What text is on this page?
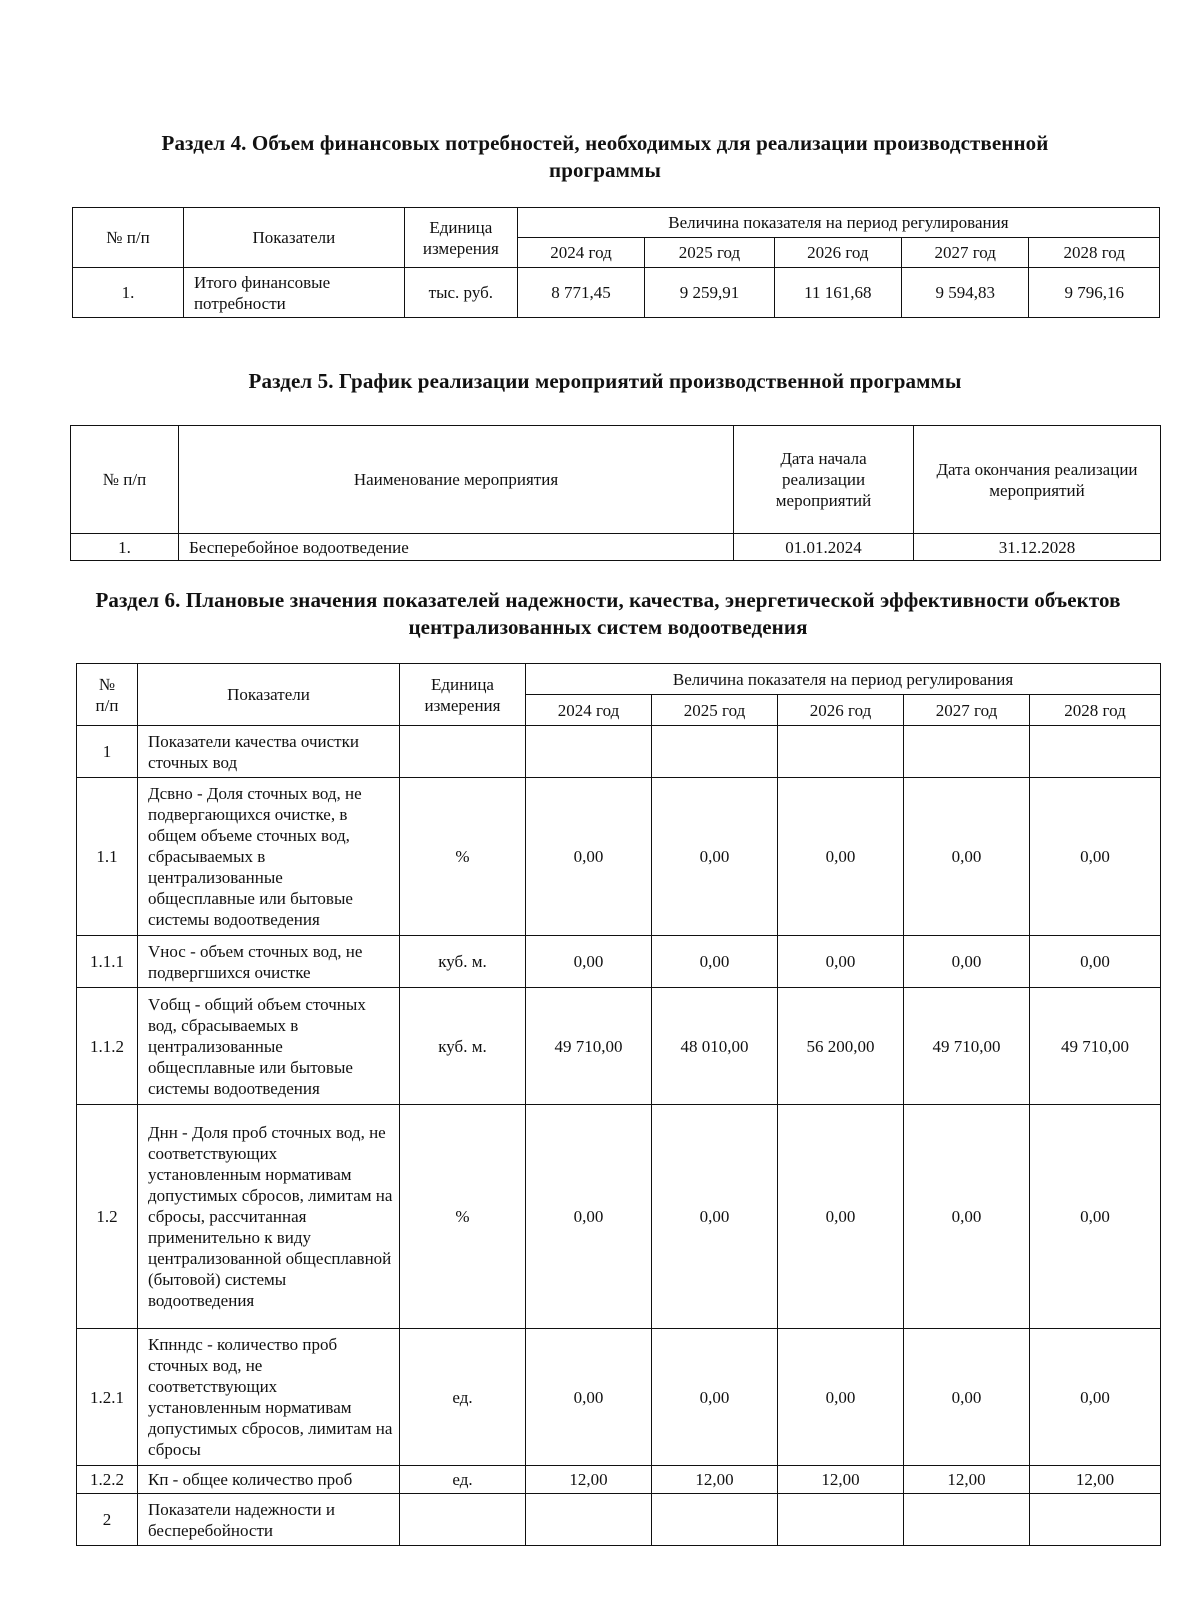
Раздел 4. Объем финансовых потребностей, необходимых для реализации производственной программы
№ п/п	Показатели	Единица измерения	Величина показателя на период регулирования				
			2024 год	2025 год	2026 год	2027 год	2028 год
1.	Итого финансовые потребности	тыс. руб.	8 771,45	9 259,91	11 161,68	9 594,83	9 796,16
Раздел 5. График реализации мероприятий производственной программы
№ п/п	Наименование мероприятия	Дата начала реализации мероприятий	Дата окончания реализации мероприятий
1.	Бесперебойное водоотведение	01.01.2024	31.12.2028
Раздел 6. Плановые значения показателей надежности, качества, энергетической эффективности объектов централизованных систем водоотведения
№ п/п	Показатели	Единица измерения	Величина показателя на период регулирования				
			2024 год	2025 год	2026 год	2027 год	2028 год
1	Показатели качества очистки сточных вод						
1.1	Дсвно - Доля сточных вод, не подвергающихся очистке, в общем объеме сточных вод, сбрасываемых в централизованные общесплавные или бытовые системы водоотведения	%	0,00	0,00	0,00	0,00	0,00
1.1.1	Vнос - объем сточных вод, не подвергшихся очистке	куб. м.	0,00	0,00	0,00	0,00	0,00
1.1.2	Vобщ - общий объем сточных вод, сбрасываемых в централизованные общесплавные или бытовые системы водоотведения	куб. м.	49 710,00	48 010,00	56 200,00	49 710,00	49 710,00
1.2	Днн - Доля проб сточных вод, не соответствующих установленным нормативам допустимых сбросов, лимитам на сбросы, рассчитанная применительно к виду централизованной общесплавной (бытовой) системы водоотведения	%	0,00	0,00	0,00	0,00	0,00
1.2.1	Кпнндс - количество проб сточных вод, не соответствующих установленным нормативам допустимых сбросов, лимитам на сбросы	ед.	0,00	0,00	0,00	0,00	0,00
1.2.2	Кп - общее количество проб	ед.	12,00	12,00	12,00	12,00	12,00
2	Показатели надежности и бесперебойности						
